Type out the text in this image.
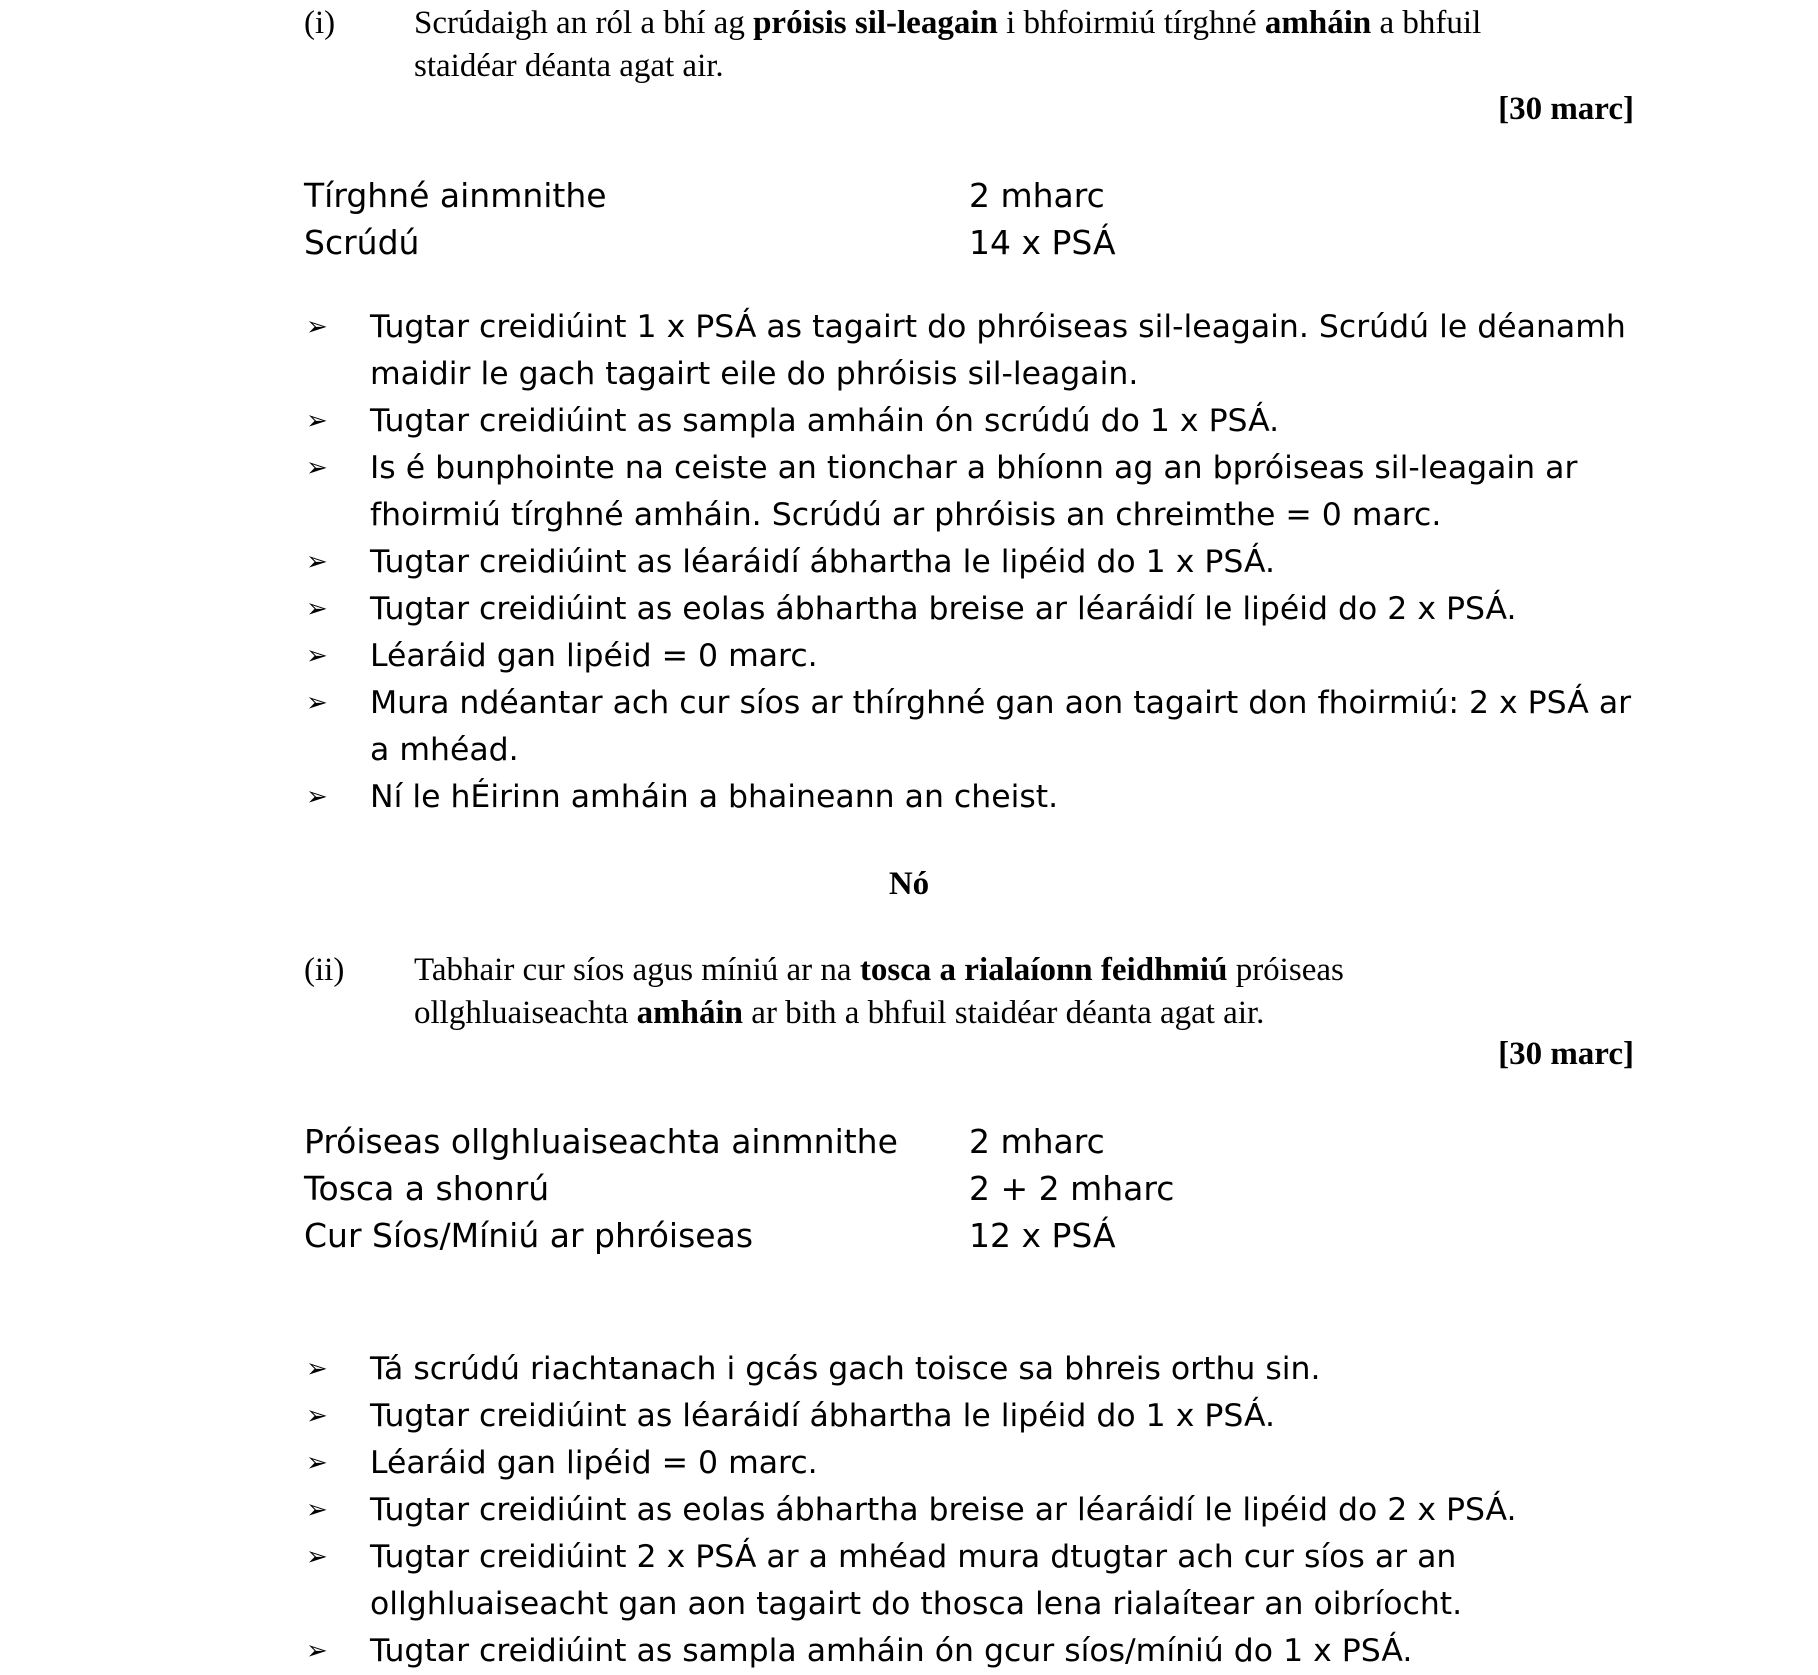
(i) Scrúdaigh an ról a bhí ag próisis sil-leagain i bhfoirmiú tírghné amháin a bhfuil
staidéar déanta agat air.
[30 marc]
Tírghné ainmnithe	2 mharc
Scrúdú	14 x PSÁ
➢ Tugtar creidiúint 1 x PSÁ as tagairt do phróiseas sil-leagain. Scrúdú le déanamh maidir le gach tagairt eile do phróisis sil-leagain.
➢ Tugtar creidiúint as sampla amháin ón scrúdú do 1 x PSÁ.
➢ Is é bunphointe na ceiste an tionchar a bhíonn ag an bpróiseas sil-leagain ar fhoirmiú tírghné amháin. Scrúdú ar phróisis an chreimthe = 0 marc.
➢ Tugtar creidiúint as léaráidí ábhartha le lipéid do 1 x PSÁ.
➢ Tugtar creidiúint as eolas ábhartha breise ar léaráidí le lipéid do 2 x PSÁ.
➢ Léaráid gan lipéid = 0 marc.
➢ Mura ndéantar ach cur síos ar thírghné gan aon tagairt don fhoirmiú: 2 x PSÁ ar a mhéad.
➢ Ní le hÉirinn amháin a bhaineann an cheist.
Nó
(ii) Tabhair cur síos agus míniú ar na tosca a rialaíonn feidhmiú próiseas
ollghluaiseachta amháin ar bith a bhfuil staidéar déanta agat air.
[30 marc]
Próiseas ollghluaiseachta ainmnithe 2 mharc
Tosca a shonrú	2 + 2 mharc
Cur Síos/Míniú ar phróiseas	12 x PSÁ
➢ Tá scrúdú riachtanach i gcás gach toisce sa bhreis orthu sin.
➢ Tugtar creidiúint as léaráidí ábhartha le lipéid do 1 x PSÁ.
➢ Léaráid gan lipéid = 0 marc.
➢ Tugtar creidiúint as eolas ábhartha breise ar léaráidí le lipéid do 2 x PSÁ.
➢ Tugtar creidiúint 2 x PSÁ ar a mhéad mura dtugtar ach cur síos ar an ollghluaiseacht gan aon tagairt do thosca lena rialaítear an oibríocht.
➢ Tugtar creidiúint as sampla amháin ón gcur síos/míniú do 1 x PSÁ.
